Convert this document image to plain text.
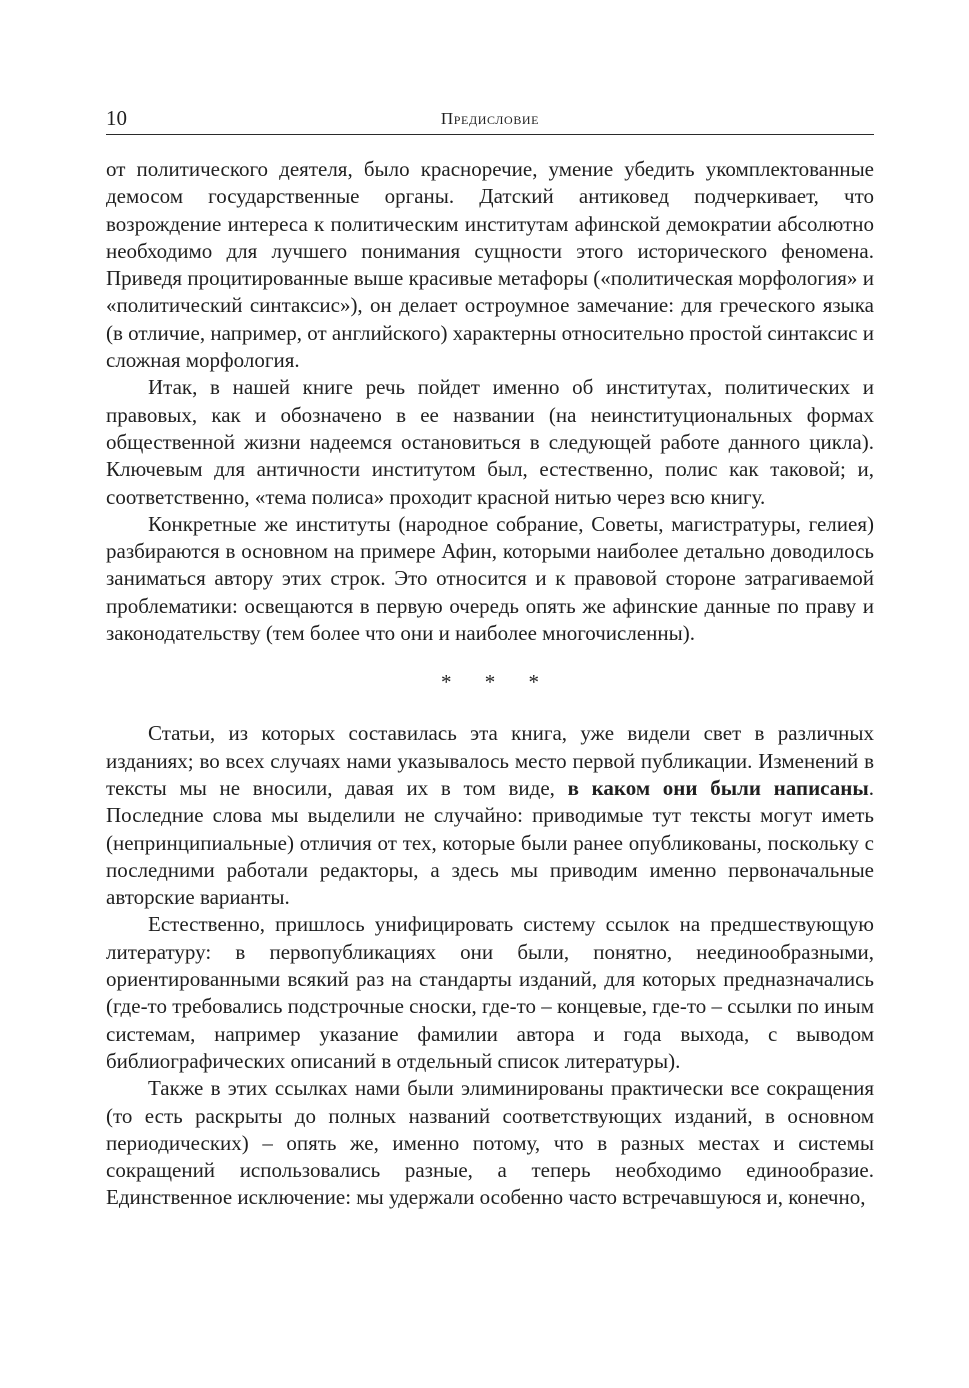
10	Предисловие

от политического деятеля, было красноречие, умение убедить укомплектованные демосом государственные органы. Датский антиковед подчеркивает, что возрождение интереса к политическим институтам афинской демократии абсолютно необходимо для лучшего понимания сущности этого исторического феномена. Приведя процитированные выше красивые метафоры («политическая морфология» и «политический синтаксис»), он делает остроумное замечание: для греческого языка (в отличие, например, от английского) характерны относительно простой синтаксис и сложная морфология.

Итак, в нашей книге речь пойдет именно об институтах, политических и правовых, как и обозначено в ее названии (на неинституциональных формах общественной жизни надеемся остановиться в следующей работе данного цикла). Ключевым для античности институтом был, естественно, полис как таковой; и, соответственно, «тема полиса» проходит красной нитью через всю книгу.

Конкретные же институты (народное собрание, Советы, магистратуры, гелиея) разбираются в основном на примере Афин, которыми наиболее детально доводилось заниматься автору этих строк. Это относится и к правовой стороне затрагиваемой проблематики: освещаются в первую очередь опять же афинские данные по праву и законодательству (тем более что они и наиболее многочисленны).

* * *

Статьи, из которых составилась эта книга, уже видели свет в различных изданиях; во всех случаях нами указывалось место первой публикации. Изменений в тексты мы не вносили, давая их в том виде, в каком они были написаны. Последние слова мы выделили не случайно: приводимые тут тексты могут иметь (непринципиальные) отличия от тех, которые были ранее опубликованы, поскольку с последними работали редакторы, а здесь мы приводим именно первоначальные авторские варианты.

Естественно, пришлось унифицировать систему ссылок на предшествующую литературу: в первопубликациях они были, понятно, неединообразными, ориентированными всякий раз на стандарты изданий, для которых предназначались (где-то требовались подстрочные сноски, где-то – концевые, где-то – ссылки по иным системам, например указание фамилии автора и года выхода, с выводом библиографических описаний в отдельный список литературы).

Также в этих ссылках нами были элиминированы практически все сокращения (то есть раскрыты до полных названий соответствующих изданий, в основном периодических) – опять же, именно потому, что в разных местах и системы сокращений использовались разные, а теперь необходимо единообразие. Единственное исключение: мы удержали особенно часто встречавшуюся и, конечно,
